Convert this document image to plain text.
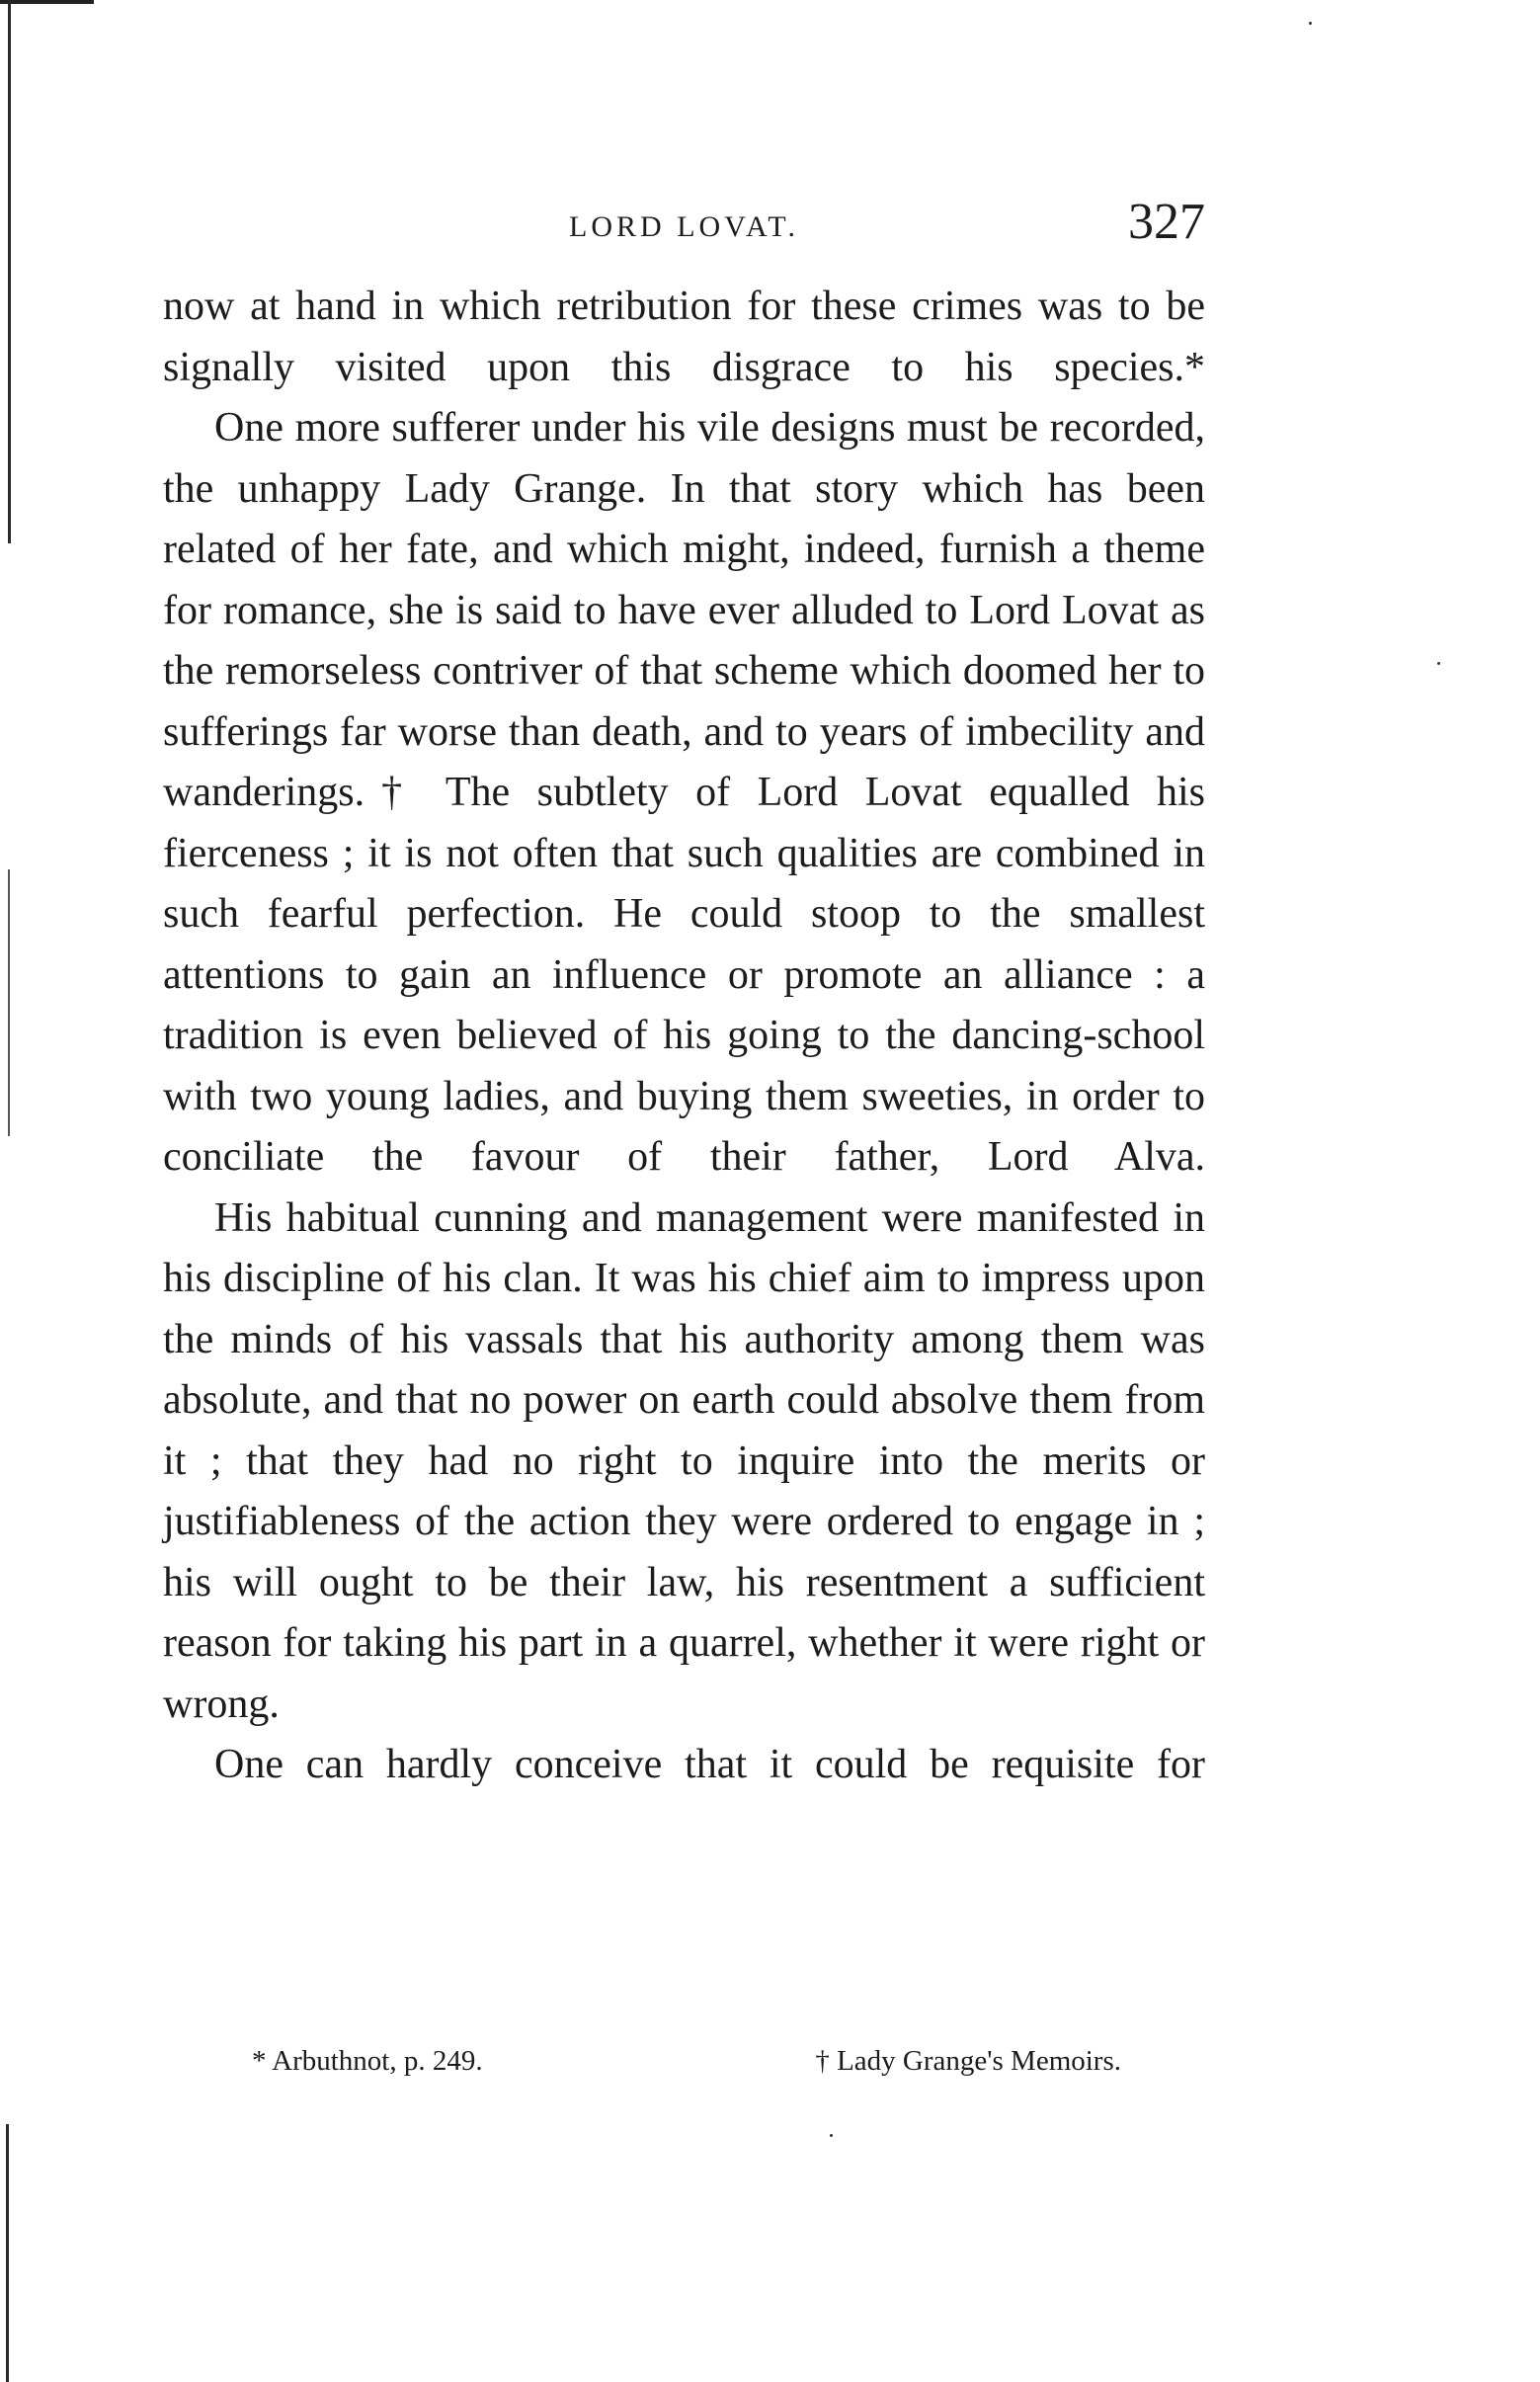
LORD LOVAT.	327

now at hand in which retribution for these crimes was to be signally visited upon this disgrace to his species.*

One more sufferer under his vile designs must be recorded, the unhappy Lady Grange. In that story which has been related of her fate, and which might, indeed, furnish a theme for romance, she is said to have ever alluded to Lord Lovat as the remorseless contriver of that scheme which doomed her to sufferings far worse than death, and to years of imbecility and wanderings.† The subtlety of Lord Lovat equalled his fierceness ; it is not often that such qualities are combined in such fearful perfection. He could stoop to the smallest attentions to gain an influence or promote an alliance : a tradition is even believed of his going to the dancing-school with two young ladies, and buying them sweeties, in order to conciliate the favour of their father, Lord Alva.

His habitual cunning and management were manifested in his discipline of his clan. It was his chief aim to impress upon the minds of his vassals that his authority among them was absolute, and that no power on earth could absolve them from it ; that they had no right to inquire into the merits or justifiableness of the action they were ordered to engage in ; his will ought to be their law, his resentment a sufficient reason for taking his part in a quarrel, whether it were right or wrong.

One can hardly conceive that it could be requisite for

* Arbuthnot, p. 249.	† Lady Grange's Memoirs.
